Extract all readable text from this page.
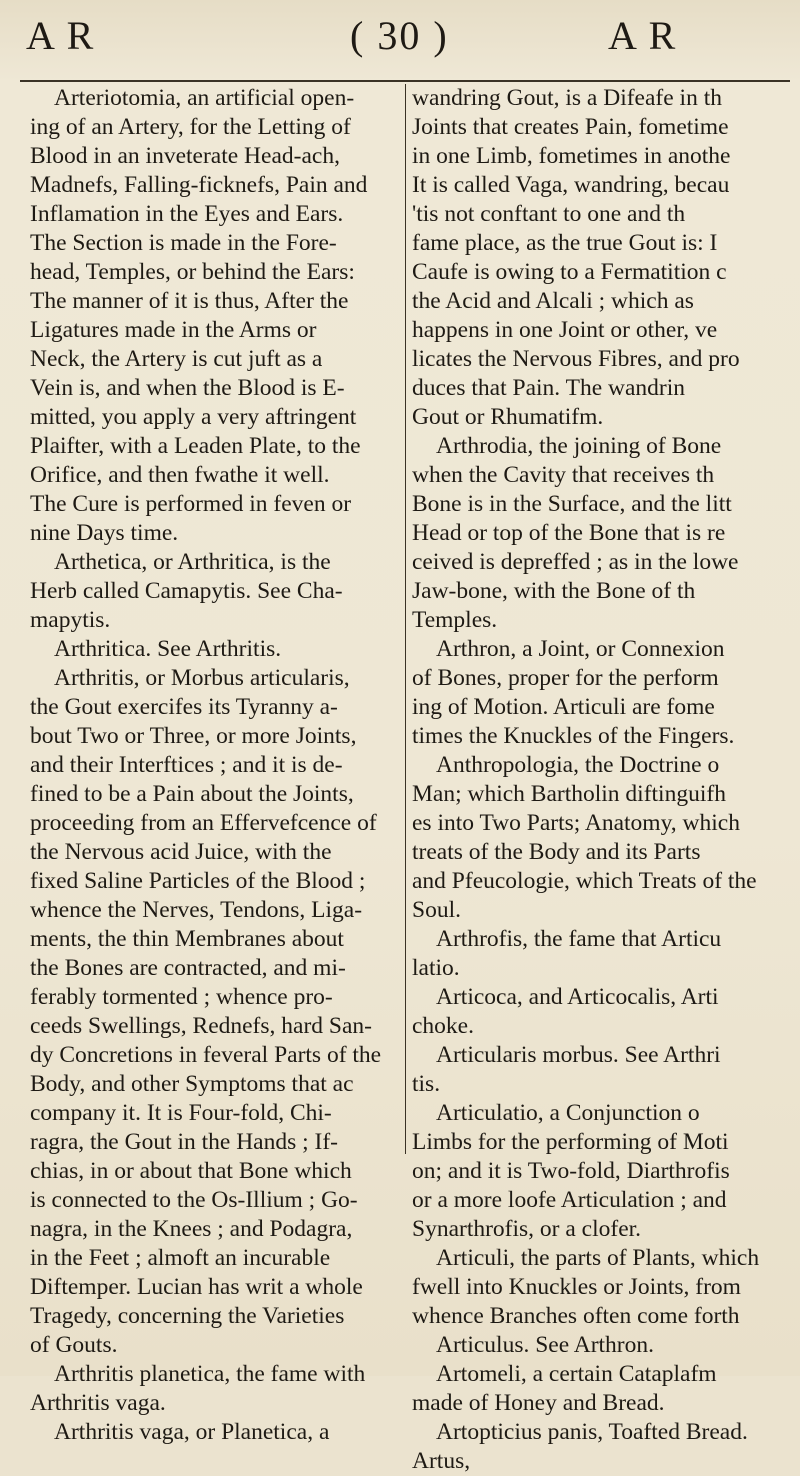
A R	( 30 )	A R
Arteriotomia, an artificial open-
ing of an Artery, for the Letting of
Blood in an inveterate Head-ach,
Madnefs, Falling-ficknefs, Pain and
Inflamation in the Eyes and Ears.
The Section is made in the Fore-
head, Temples, or behind the Ears:
The manner of it is thus, After the
Ligatures made in the Arms or
Neck, the Artery is cut juft as a
Vein is, and when the Blood is E-
mitted, you apply a very aftringent
Plaifter, with a Leaden Plate, to the
Orifice, and then fwathe it well.
The Cure is performed in feven or
nine Days time.
Arthetica, or Arthritica, is the
Herb called Camapytis. See Cha-
mapytis.
Arthritica. See Arthritis.
Arthritis, or Morbus articularis,
the Gout exercifes its Tyranny a-
bout Two or Three, or more Joints,
and their Interftices ; and it is de-
fined to be a Pain about the Joints,
proceeding from an Effervefcence of
the Nervous acid Juice, with the
fixed Saline Particles of the Blood ;
whence the Nerves, Tendons, Liga-
ments, the thin Membranes about
the Bones are contracted, and mi-
ferably tormented ; whence pro-
ceeds Swellings, Rednefs, hard San-
dy Concretions in feveral Parts of the
Body, and other Symptoms that ac
company it. It is Four-fold, Chi-
ragra, the Gout in the Hands ; If-
chias, in or about that Bone which
is connected to the Os-Illium ; Go-
nagra, in the Knees ; and Podagra,
in the Feet ; almoft an incurable
Diftemper. Lucian has writ a whole
Tragedy, concerning the Varieties
of Gouts.
Arthritis planetica, the fame with
Arthritis vaga.
Arthritis vaga, or Planetica, a
wandring Gout, is a Difeafe in th
Joints that creates Pain, fometime
in one Limb, fometimes in anothe
It is called Vaga, wandring, becau
'tis not conftant to one and th
fame place, as the true Gout is: I
Caufe is owing to a Fermatition c
the Acid and Alcali ; which as
happens in one Joint or other, ve
licates the Nervous Fibres, and pro
duces that Pain. The wandrin
Gout or Rhumatifm.
Arthrodia, the joining of Bone
when the Cavity that receives th
Bone is in the Surface, and the litt
Head or top of the Bone that is re
ceived is depreffed ; as in the lowe
Jaw-bone, with the Bone of th
Temples.
Arthron, a Joint, or Connexion
of Bones, proper for the perform
ing of Motion. Articuli are fome
times the Knuckles of the Fingers.
Anthropologia, the Doctrine o
Man; which Bartholin diftinguifh
es into Two Parts; Anatomy, which
treats of the Body and its Parts
and Pfeucologie, which Treats of the
Soul.
Arthrofis, the fame that Articu
latio.
Articoca, and Articocalis, Arti
choke.
Articularis morbus. See Arthri
tis.
Articulatio, a Conjunction o
Limbs for the performing of Moti
on; and it is Two-fold, Diarthrofis
or a more loofe Articulation ; and
Synarthrofis, or a clofer.
Articuli, the parts of Plants, which
fwell into Knuckles or Joints, from
whence Branches often come forth
Articulus. See Arthron.
Artomeli, a certain Cataplafm
made of Honey and Bread.
Artopticius panis, Toafted Bread.
Artus,
